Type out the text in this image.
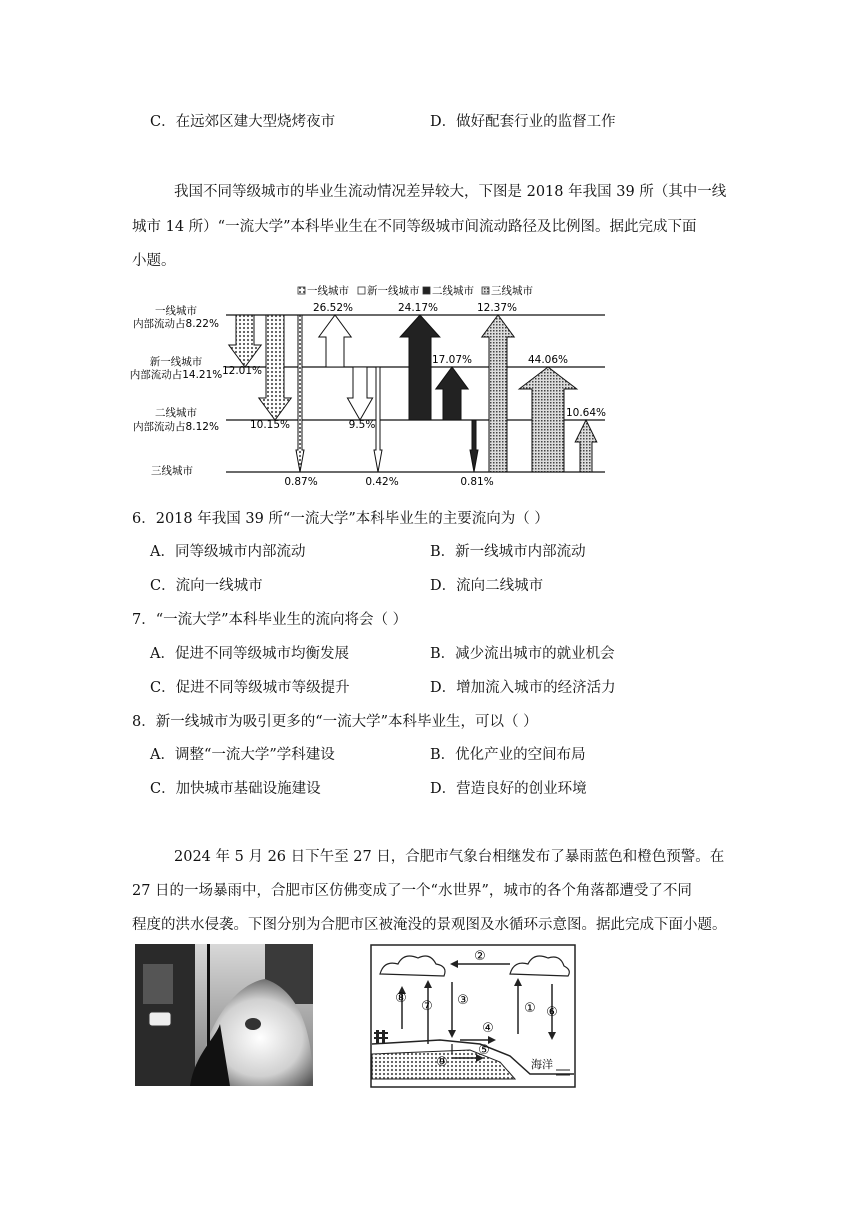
C．在远郊区建大型烧烤夜市	D．做好配套行业的监督工作
我国不同等级城市的毕业生流动情况差异较大，下图是 2018 年我国 39 所（其中一线
城市 14 所）“一流大学”本科毕业生在不同等级城市间流动路径及比例图。据此完成下面
小题。
一线城市 新一线城市 二线城市 三线城市
一线城市
内部流动占8.22%
新一线城市
内部流动占14.21%
二线城市
内部流动占8.12%
三线城市
12.01%
10.15%
0.87%
26.52%
9.5%
0.42%
24.17%
17.07%
0.81%
12.37%
44.06%
10.64%
6．2018 年我国 39 所“一流大学”本科毕业生的主要流向为（ ）
A．同等级城市内部流动	B．新一线城市内部流动
C．流向一线城市	D．流向二线城市
7．“一流大学”本科毕业生的流向将会（ ）
A．促进不同等级城市均衡发展	B．减少流出城市的就业机会
C．促进不同等级城市等级提升	D．增加流入城市的经济活力
8．新一线城市为吸引更多的“一流大学”本科毕业生，可以（ ）
A．调整“一流大学”学科建设	B．优化产业的空间布局
C．加快城市基础设施建设	D．营造良好的创业环境
2024 年 5 月 26 日下午至 27 日，合肥市气象台相继发布了暴雨蓝色和橙色预警。在
27 日的一场暴雨中，合肥市区仿佛变成了一个“水世界”，城市的各个角落都遭受了不同
程度的洪水侵袭。下图分别为合肥市区被淹没的景观图及水循环示意图。据此完成下面小题。
②
⑧
⑦ ③
① ⑥
④
⑨
⑤
海洋
